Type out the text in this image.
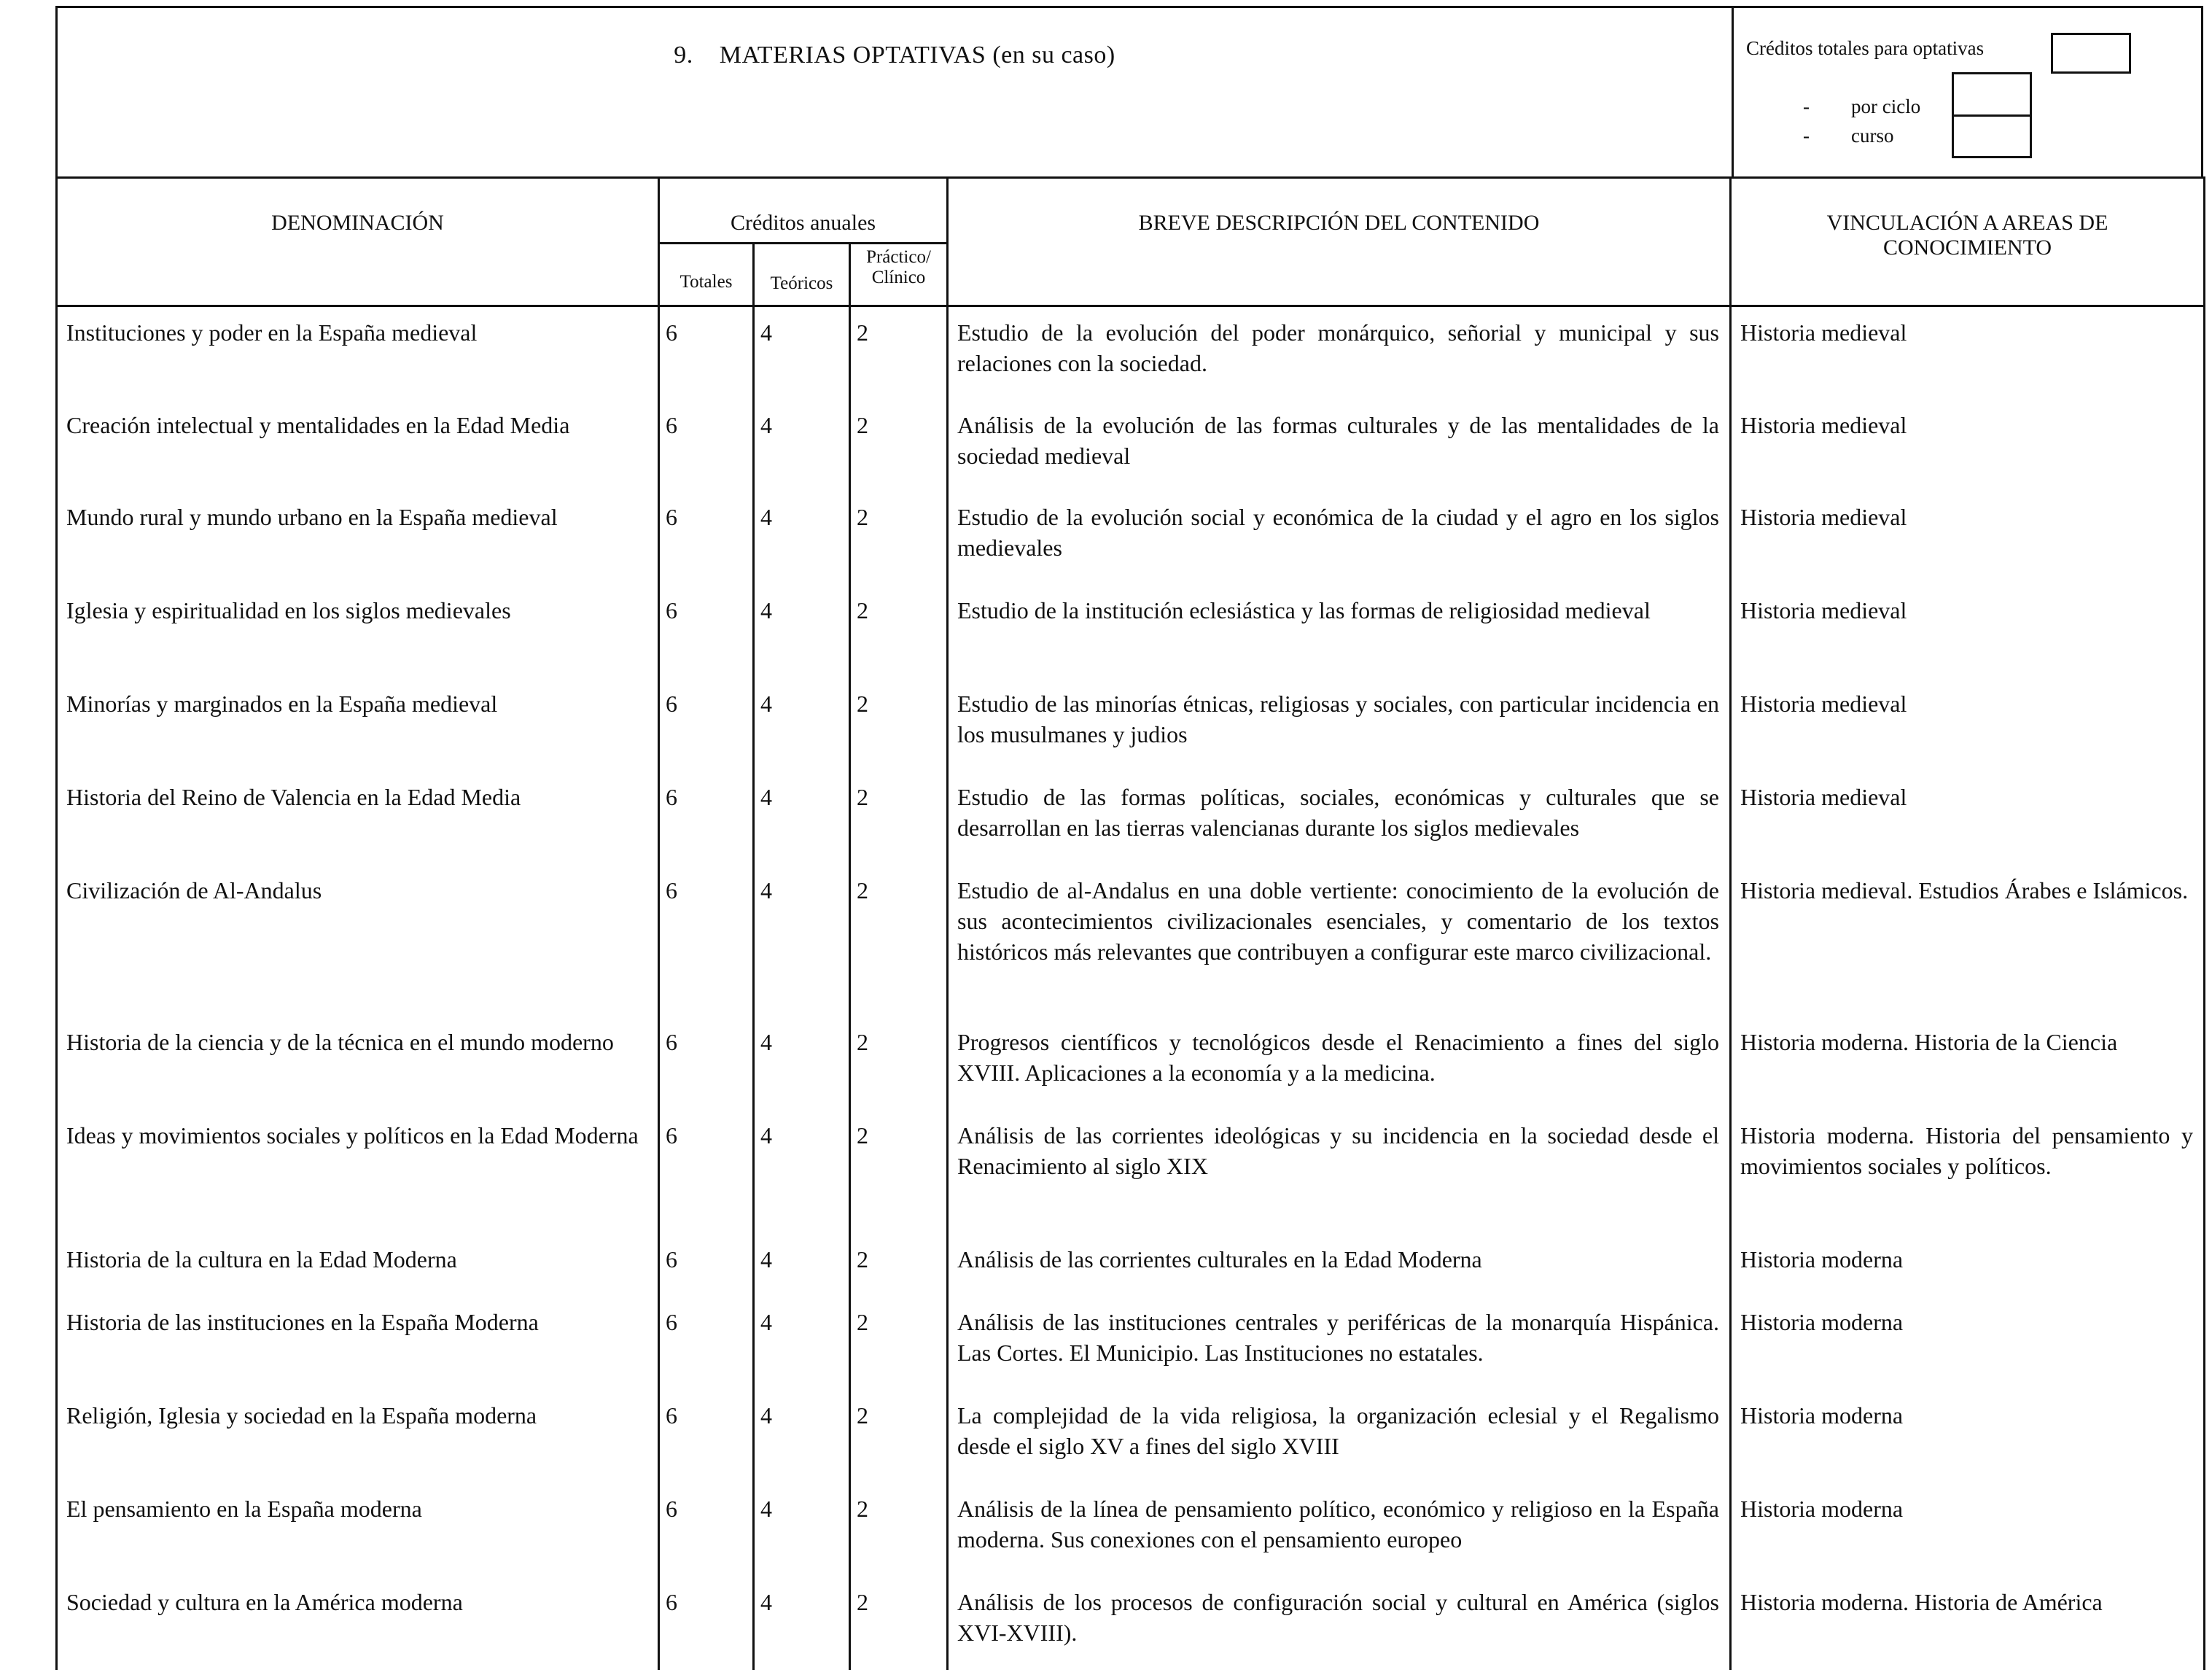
9. MATERIAS OPTATIVAS (en su caso)	Créditos totales para optativas
- por ciclo
- curso
DENOMINACIÓN	Créditos anuales			BREVE DESCRIPCIÓN DEL CONTENIDO	VINCULACIÓN A AREAS DE CONOCIMIENTO

	Totales	Teóricos	Práctico/ Clínico		

Instituciones y poder en la España medieval	6	4	2	Estudio de la evolución del poder monárquico, señorial y municipal y sus relaciones con la sociedad.	Historia medieval
Creación intelectual y mentalidades en la Edad Media	6	4	2	Análisis de la evolución de las formas culturales y de las mentalidades de la sociedad medieval	Historia medieval
Mundo rural y mundo urbano en la España medieval	6	4	2	Estudio de la evolución social y económica de la ciudad y el agro en los siglos medievales	Historia medieval
Iglesia y espiritualidad en los siglos medievales	6	4	2	Estudio de la institución eclesiástica y las formas de religiosidad medieval	Historia medieval
Minorías y marginados en la España medieval	6	4	2	Estudio de las minorías étnicas, religiosas y sociales, con particular incidencia en los musulmanes y judios	Historia medieval
Historia del Reino de Valencia en la Edad Media	6	4	2	Estudio de las formas políticas, sociales, económicas y culturales que se desarrollan en las tierras valencianas durante los siglos medievales	Historia medieval
Civilización de Al-Andalus	6	4	2	Estudio de al-Andalus en una doble vertiente: conocimiento de la evolución de sus acontecimientos civilizacionales esenciales, y comentario de los textos históricos más relevantes que contribuyen a configurar este marco civilizacional.	Historia medieval. Estudios Árabes e Islámicos.
Historia de la ciencia y de la técnica en el mundo moderno	6	4	2	Progresos científicos y tecnológicos desde el Renacimiento a fines del siglo XVIII. Aplicaciones a la economía y a la medicina.	Historia moderna. Historia de la Ciencia
Ideas y movimientos sociales y políticos en la Edad Moderna	6	4	2	Análisis de las corrientes ideológicas y su incidencia en la sociedad desde el Renacimiento al siglo XIX	Historia moderna. Historia del pensamiento y movimientos sociales y políticos.
Historia de la cultura en la Edad Moderna	6	4	2	Análisis de las corrientes culturales en la Edad Moderna	Historia moderna
Historia de las instituciones en la España Moderna	6	4	2	Análisis de las instituciones centrales y periféricas de la monarquía Hispánica. Las Cortes. El Municipio. Las Instituciones no estatales.	Historia moderna
Religión, Iglesia y sociedad en la España moderna	6	4	2	La complejidad de la vida religiosa, la organización eclesial y el Regalismo desde el siglo XV a fines del siglo XVIII	Historia moderna
El pensamiento en la España moderna	6	4	2	Análisis de la línea de pensamiento político, económico y religioso en la España moderna. Sus conexiones con el pensamiento europeo	Historia moderna
Sociedad y cultura en la América moderna	6	4	2	Análisis de los procesos de configuración social y cultural en América (siglos XVI-XVIII).	Historia moderna. Historia de América
